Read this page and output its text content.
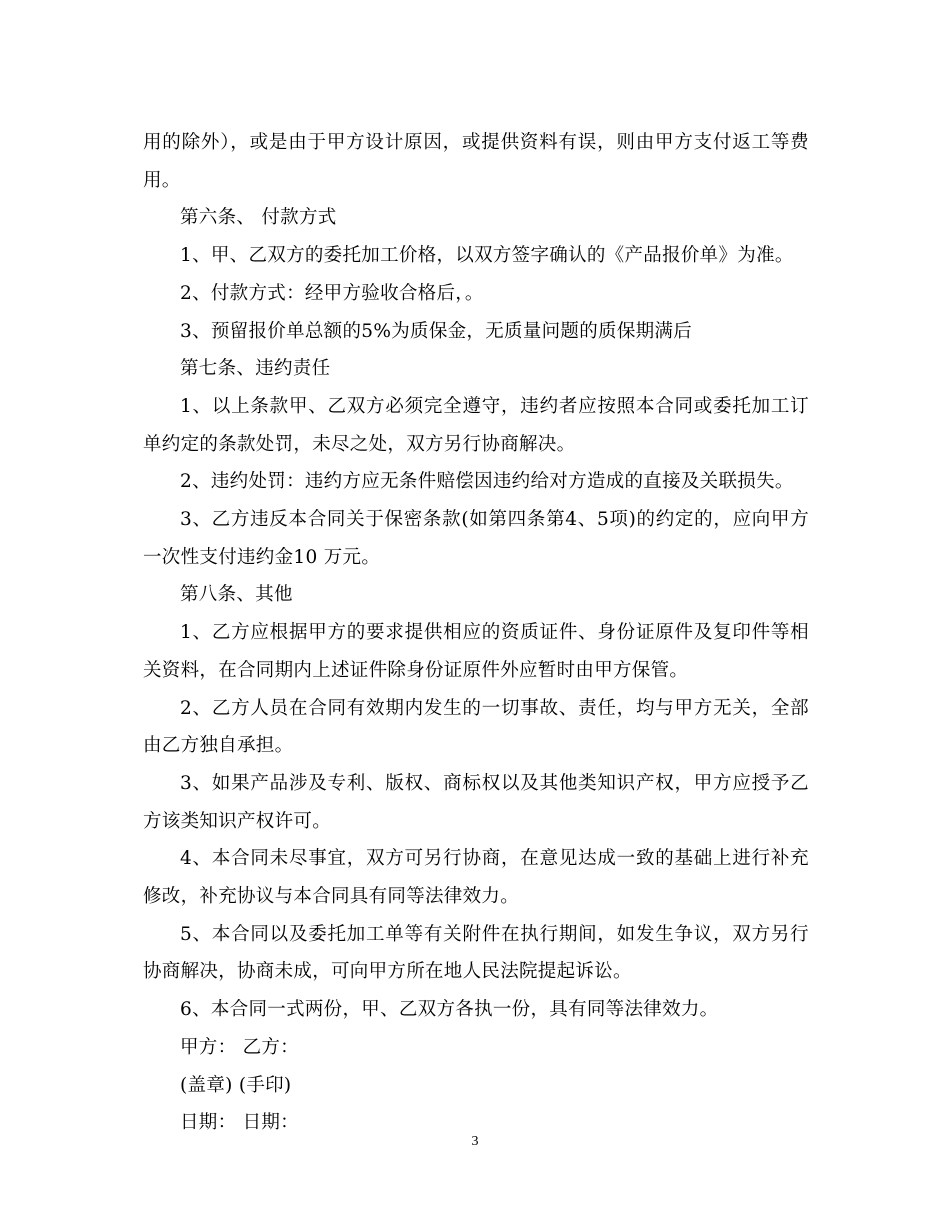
用的除外），或是由于甲方设计原因，或提供资料有误，则由甲方支付返工等费用。

第六条、 付款方式

1、甲、乙双方的委托加工价格，以双方签字确认的《产品报价单》为准。

2、付款方式：经甲方验收合格后，。

3、预留报价单总额的5%为质保金，无质量问题的质保期满后

第七条、违约责任

1、以上条款甲、乙双方必须完全遵守，违约者应按照本合同或委托加工订单约定的条款处罚，未尽之处，双方另行协商解决。

2、违约处罚：违约方应无条件赔偿因违约给对方造成的直接及关联损失。

3、乙方违反本合同关于保密条款(如第四条第4、5项)的约定的，应向甲方一次性支付违约金10 万元。

第八条、其他

1、乙方应根据甲方的要求提供相应的资质证件、身份证原件及复印件等相关资料，在合同期内上述证件除身份证原件外应暂时由甲方保管。

2、乙方人员在合同有效期内发生的一切事故、责任，均与甲方无关，全部由乙方独自承担。

3、如果产品涉及专利、版权、商标权以及其他类知识产权，甲方应授予乙方该类知识产权许可。

4、本合同未尽事宜，双方可另行协商，在意见达成一致的基础上进行补充修改，补充协议与本合同具有同等法律效力。

5、本合同以及委托加工单等有关附件在执行期间，如发生争议，双方另行协商解决，协商未成，可向甲方所在地人民法院提起诉讼。

6、本合同一式两份，甲、乙双方各执一份，具有同等法律效力。

甲方： 乙方：

(盖章) (手印)

日期： 日期：

3
